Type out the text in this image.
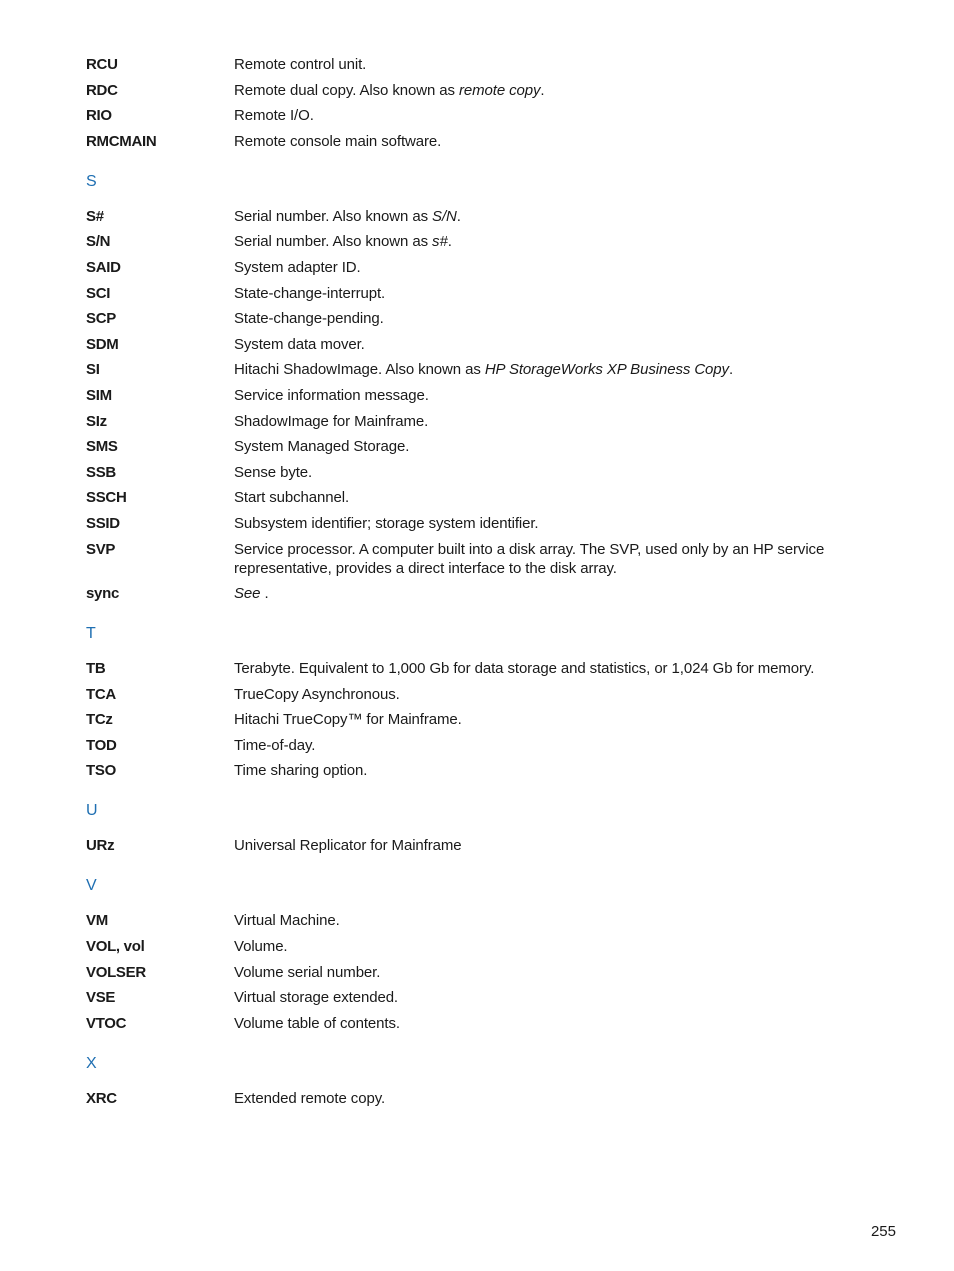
RCU	Remote control unit.
RDC	Remote dual copy. Also known as remote copy.
RIO	Remote I/O.
RMCMAIN	Remote console main software.
S
S#	Serial number. Also known as S/N.
S/N	Serial number. Also known as s#.
SAID	System adapter ID.
SCI	State-change-interrupt.
SCP	State-change-pending.
SDM	System data mover.
SI	Hitachi ShadowImage. Also known as HP StorageWorks XP Business Copy.
SIM	Service information message.
SIz	ShadowImage for Mainframe.
SMS	System Managed Storage.
SSB	Sense byte.
SSCH	Start subchannel.
SSID	Subsystem identifier; storage system identifier.
SVP	Service processor. A computer built into a disk array. The SVP, used only by an HP service representative, provides a direct interface to the disk array.
sync	See .
T
TB	Terabyte. Equivalent to 1,000 Gb for data storage and statistics, or 1,024 Gb for memory.
TCA	TrueCopy Asynchronous.
TCz	Hitachi TrueCopy™ for Mainframe.
TOD	Time-of-day.
TSO	Time sharing option.
U
URz	Universal Replicator for Mainframe
V
VM	Virtual Machine.
VOL, vol	Volume.
VOLSER	Volume serial number.
VSE	Virtual storage extended.
VTOC	Volume table of contents.
X
XRC	Extended remote copy.
255
